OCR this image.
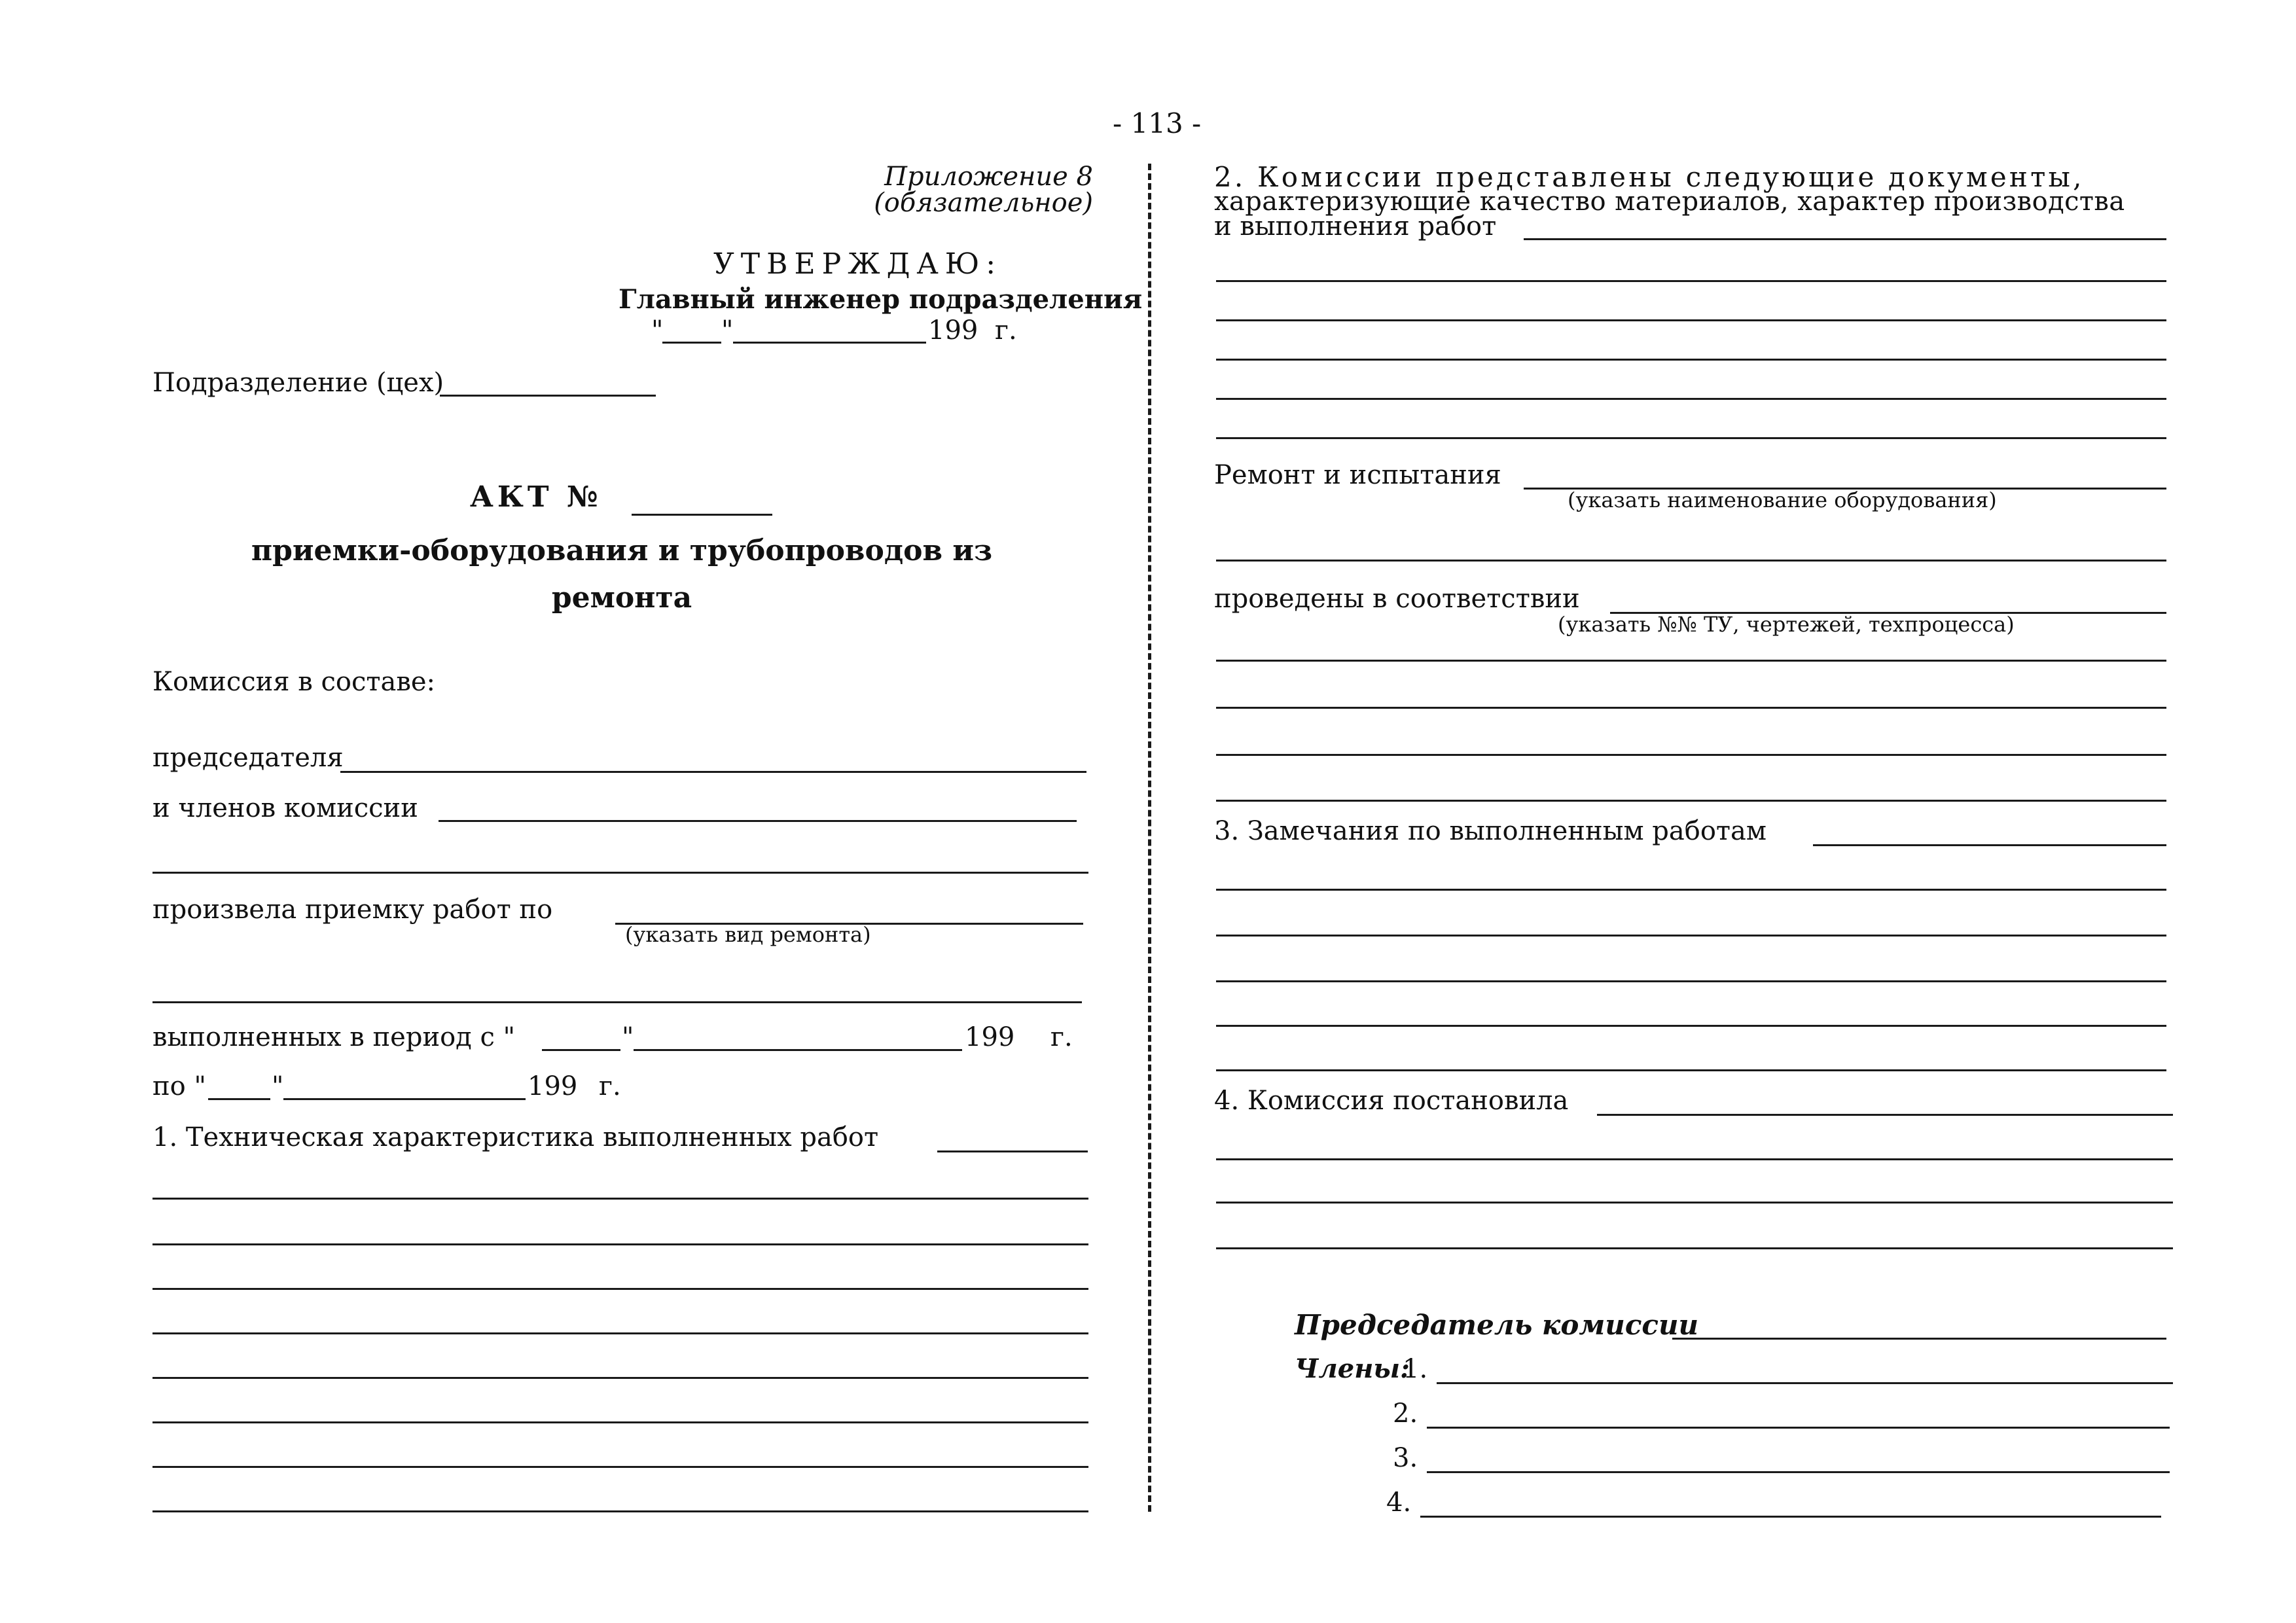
- 113 -
Приложение 8
(обязательное)
УТВЕРЖДАЮ:
Главный инженер подразделения
" "	199 г.
Подразделение (цех)
АКТ №
приемки-оборудования и трубопроводов из
ремонта
Комиссия в составе:
председателя
и членов комиссии
произвела приемку работ по
(указать вид ремонта)
выполненных в период с "	"	199 г.
по "	"	199 г.
1. Техническая характеристика выполненных работ
2. Комиссии представлены следующие документы,
характеризующие качество материалов, характер производства
и выполнения работ
Ремонт и испытания
(указать наименование оборудования)
проведены в соответствии
(указать №№ ТУ, чертежей, техпроцесса)
3. Замечания по выполненным работам
4. Комиссия постановила
Председатель комиссии
Члены:
1.
2.
3.
4.
